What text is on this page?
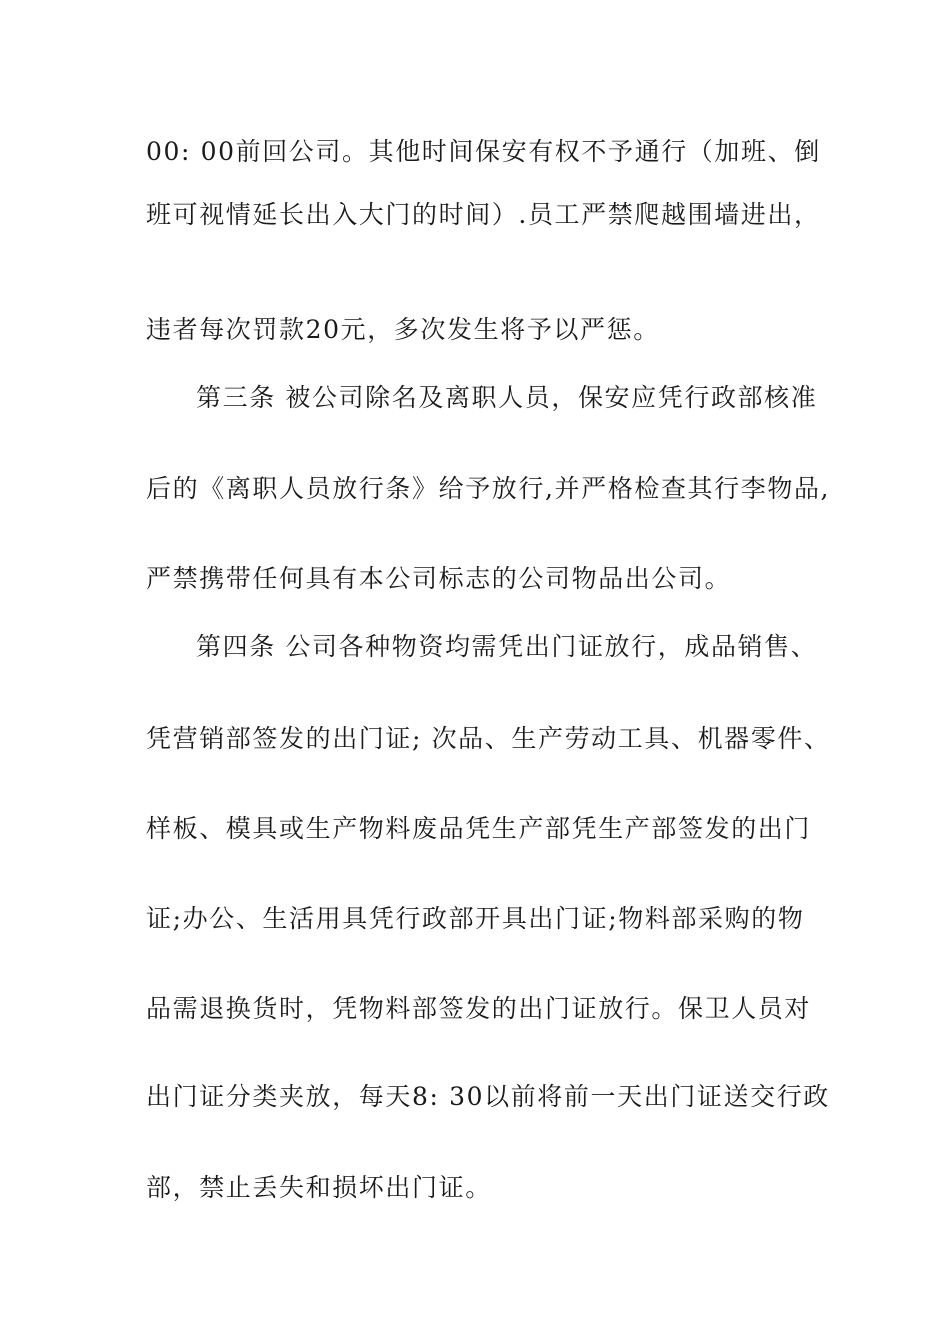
00: 00前回公司。其他时间保安有权不予通行（加班、倒
班可视情延长出入大门的时间）.员工严禁爬越围墙进出，
违者每次罚款20元，多次发生将予以严惩。
第三条 被公司除名及离职人员，保安应凭行政部核准
后的《离职人员放行条》给予放行,并严格检查其行李物品,
严禁携带任何具有本公司标志的公司物品出公司。
第四条 公司各种物资均需凭出门证放行，成品销售、
凭营销部签发的出门证; 次品、生产劳动工具、机器零件、
样板、模具或生产物料废品凭生产部凭生产部签发的出门
证;办公、生活用具凭行政部开具出门证;物料部采购的物
品需退换货时，凭物料部签发的出门证放行。保卫人员对
出门证分类夹放，每天8: 30以前将前一天出门证送交行政
部，禁止丢失和损坏出门证。
